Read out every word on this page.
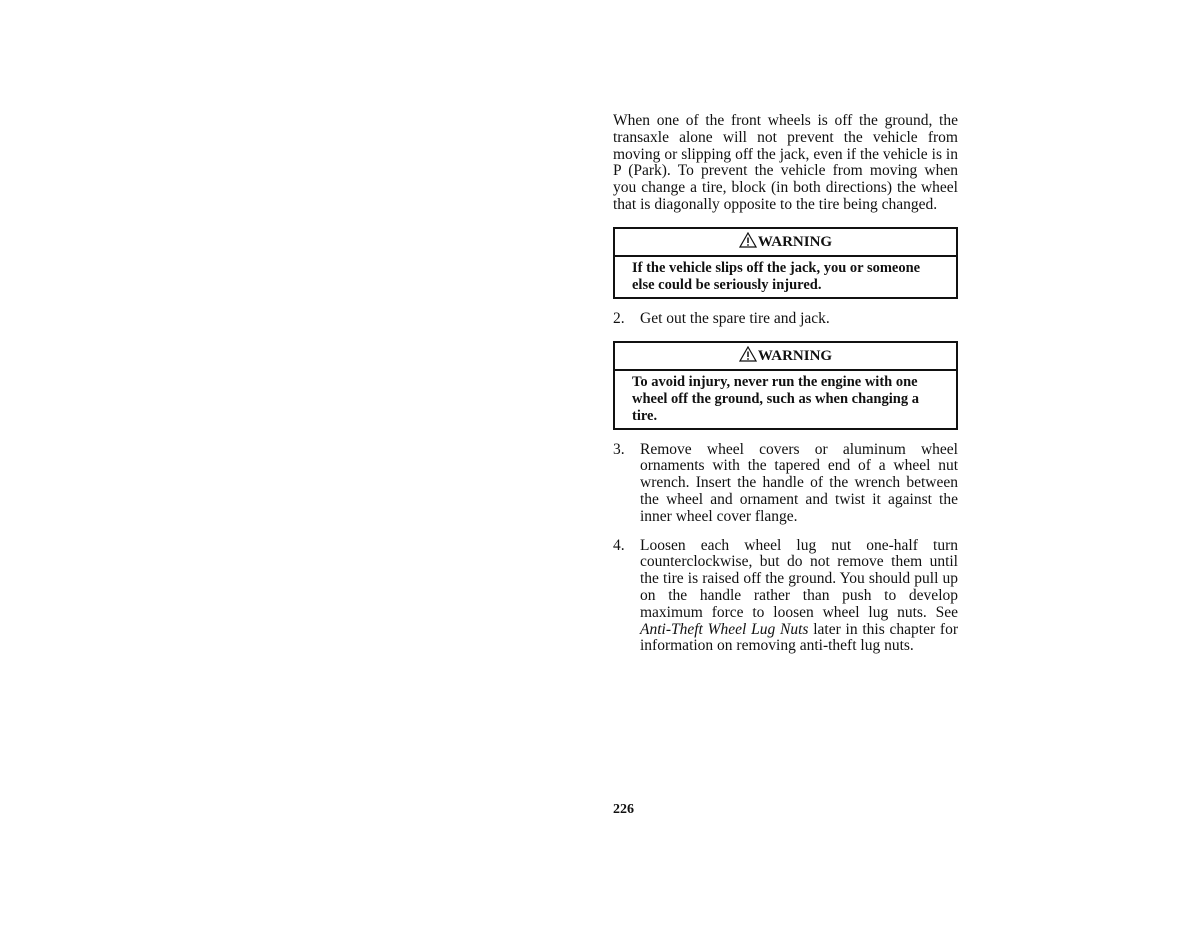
When one of the front wheels is off the ground, the transaxle alone will not prevent the vehicle from moving or slipping off the jack, even if the vehicle is in P (Park). To prevent the vehicle from moving when you change a tire, block (in both directions) the wheel that is diagonally opposite to the tire being changed.

WARNING
If the vehicle slips off the jack, you or someone else could be seriously injured.
2. Get out the spare tire and jack.
WARNING
To avoid injury, never run the engine with one wheel off the ground, such as when changing a tire.
3. Remove wheel covers or aluminum wheel ornaments with the tapered end of a wheel nut wrench. Insert the handle of the wrench between the wheel and ornament and twist it against the inner wheel cover flange.
4. Loosen each wheel lug nut one-half turn counterclockwise, but do not remove them until the tire is raised off the ground. You should pull up on the handle rather than push to develop maximum force to loosen wheel lug nuts. See Anti-Theft Wheel Lug Nuts later in this chapter for information on removing anti-theft lug nuts.
226
